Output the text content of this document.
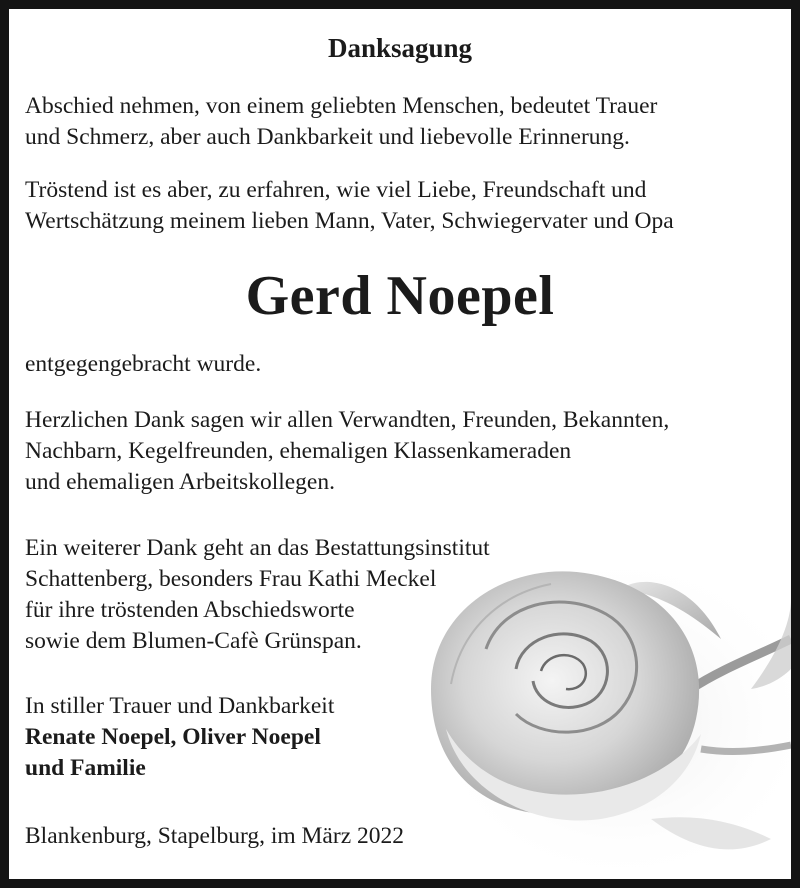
Danksagung
Abschied nehmen, von einem geliebten Menschen, bedeutet Trauer
und Schmerz, aber auch Dankbarkeit und liebevolle Erinnerung.
Tröstend ist es aber, zu erfahren, wie viel Liebe, Freundschaft und
Wertschätzung meinem lieben Mann, Vater, Schwiegervater und Opa
Gerd Noepel
entgegengebracht wurde.
Herzlichen Dank sagen wir allen Verwandten, Freunden, Bekannten,
Nachbarn, Kegelfreunden, ehemaligen Klassenkameraden
und ehemaligen Arbeitskollegen.
Ein weiterer Dank geht an das Bestattungsinstitut
Schattenberg, besonders Frau Kathi Meckel
für ihre tröstenden Abschiedsworte
sowie dem Blumen-Cafè Grünspan.
In stiller Trauer und Dankbarkeit
Renate Noepel, Oliver Noepel
und Familie
Blankenburg, Stapelburg, im März 2022
